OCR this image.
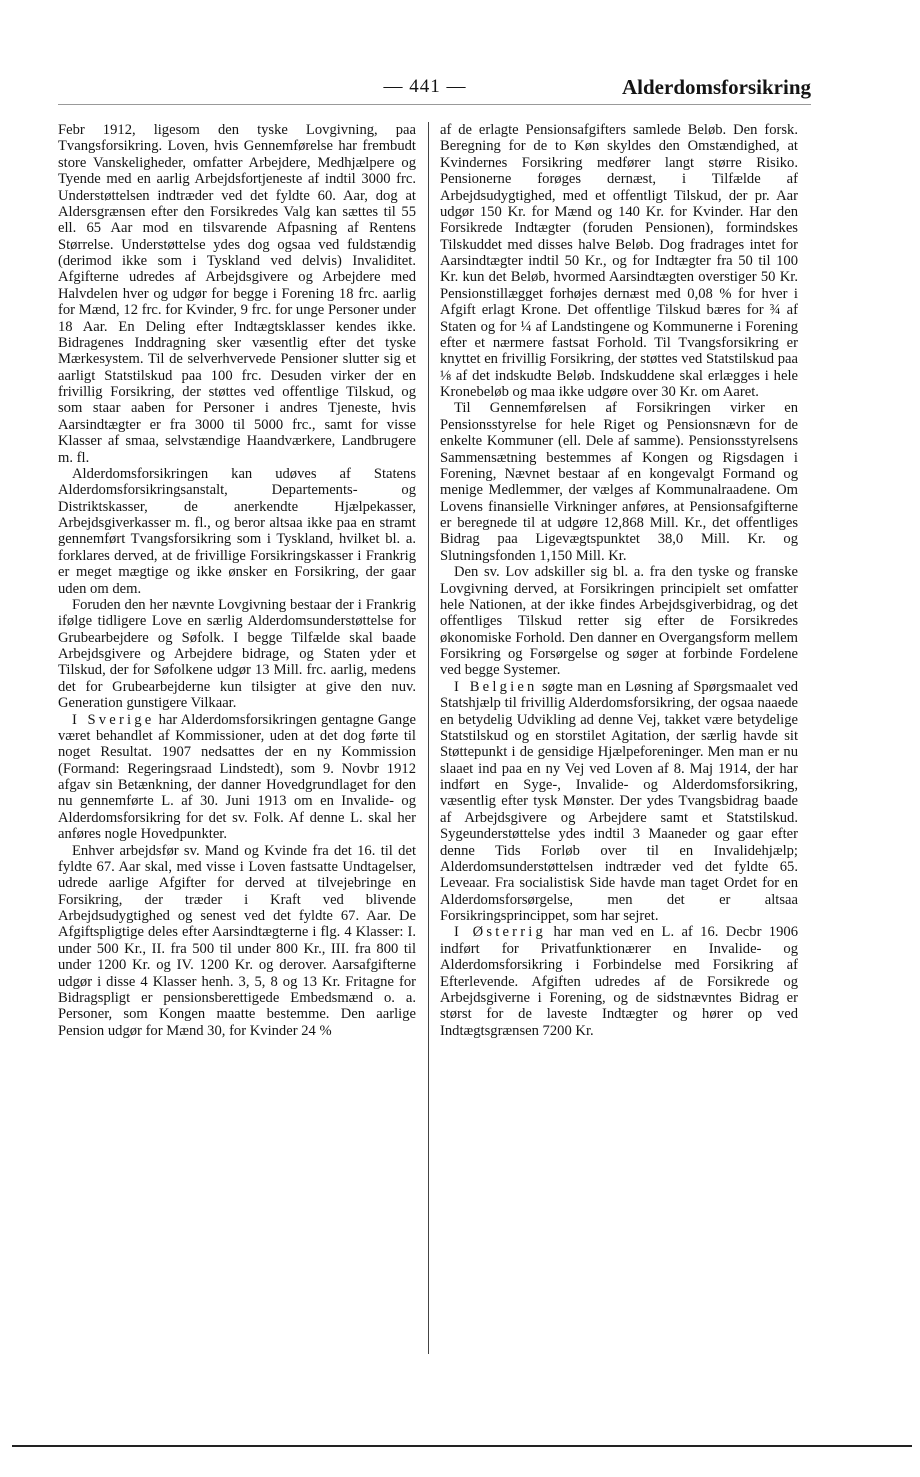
— 441 —	Alderdomsforsikring

Febr 1912, ligesom den tyske Lovgivning, paa Tvangsforsikring. Loven, hvis Gennemførelse har frembudt store Vanskeligheder, omfatter Arbejdere, Medhjælpere og Tyende med en aarlig Arbejdsfortjeneste af indtil 3000 frc. Understøttelsen indtræder ved det fyldte 60. Aar, dog at Aldersgrænsen efter den Forsikredes Valg kan sættes til 55 ell. 65 Aar mod en tilsvarende Afpasning af Rentens Størrelse. Understøttelse ydes dog ogsaa ved fuldstændig (derimod ikke som i Tyskland ved delvis) Invaliditet. Afgifterne udredes af Arbejdsgivere og Arbejdere med Halvdelen hver og udgør for begge i Forening 18 frc. aarlig for Mænd, 12 frc. for Kvinder, 9 frc. for unge Personer under 18 Aar. En Deling efter Indtægtsklasser kendes ikke. Bidragenes Inddragning sker væsentlig efter det tyske Mærkesystem. Til de selverhvervede Pensioner slutter sig et aarligt Statstilskud paa 100 frc. Desuden virker der en frivillig Forsikring, der støttes ved offentlige Tilskud, og som staar aaben for Personer i andres Tjeneste, hvis Aarsindtægter er fra 3000 til 5000 frc., samt for visse Klasser af smaa, selvstændige Haandværkere, Landbrugere m. fl.

Alderdomsforsikringen kan udøves af Statens Alderdomsforsikringsanstalt, Departements- og Distriktskasser, de anerkendte Hjælpekasser, Arbejdsgiverkasser m. fl., og beror altsaa ikke paa en stramt gennemført Tvangsforsikring som i Tyskland, hvilket bl. a. forklares derved, at de frivillige Forsikringskasser i Frankrig er meget mægtige og ikke ønsker en Forsikring, der gaar uden om dem.

Foruden den her nævnte Lovgivning bestaar der i Frankrig ifølge tidligere Love en særlig Alderdomsunderstøttelse for Grubearbejdere og Søfolk. I begge Tilfælde skal baade Arbejdsgivere og Arbejdere bidrage, og Staten yder et Tilskud, der for Søfolkene udgør 13 Mill. frc. aarlig, medens det for Grubearbejderne kun tilsigter at give den nuv. Generation gunstigere Vilkaar.

I Sverige har Alderdomsforsikringen gentagne Gange været behandlet af Kommissioner, uden at det dog førte til noget Resultat. 1907 nedsattes der en ny Kommission (Formand: Regeringsraad Lindstedt), som 9. Novbr 1912 afgav sin Betænkning, der danner Hovedgrundlaget for den nu gennemførte L. af 30. Juni 1913 om en Invalide- og Alderdomsforsikring for det sv. Folk. Af denne L. skal her anføres nogle Hovedpunkter.

Enhver arbejdsfør sv. Mand og Kvinde fra det 16. til det fyldte 67. Aar skal, med visse i Loven fastsatte Undtagelser, udrede aarlige Afgifter for derved at tilvejebringe en Forsikring, der træder i Kraft ved blivende Arbejdsudygtighed og senest ved det fyldte 67. Aar. De Afgiftspligtige deles efter Aarsindtægterne i flg. 4 Klasser: I. under 500 Kr., II. fra 500 til under 800 Kr., III. fra 800 til under 1200 Kr. og IV. 1200 Kr. og derover. Aarsafgifterne udgør i disse 4 Klasser henh. 3, 5, 8 og 13 Kr. Fritagne for Bidragspligt er pensionsberettigede Embedsmænd o. a. Personer, som Kongen maatte bestemme. Den aarlige Pension udgør for Mænd 30, for Kvinder 24 %

af de erlagte Pensionsafgifters samlede Beløb. Den forsk. Beregning for de to Køn skyldes den Omstændighed, at Kvindernes Forsikring medfører langt større Risiko. Pensionerne forøges dernæst, i Tilfælde af Arbejdsudygtighed, med et offentligt Tilskud, der pr. Aar udgør 150 Kr. for Mænd og 140 Kr. for Kvinder. Har den Forsikrede Indtægter (foruden Pensionen), formindskes Tilskuddet med disses halve Beløb. Dog fradrages intet for Aarsindtægter indtil 50 Kr., og for Indtægter fra 50 til 100 Kr. kun det Beløb, hvormed Aarsindtægten overstiger 50 Kr. Pensionstillægget forhøjes dernæst med 0,08 % for hver i Afgift erlagt Krone. Det offentlige Tilskud bæres for ¾ af Staten og for ¼ af Landstingene og Kommunerne i Forening efter et nærmere fastsat Forhold. Til Tvangsforsikring er knyttet en frivillig Forsikring, der støttes ved Statstilskud paa ⅛ af det indskudte Beløb. Indskuddene skal erlægges i hele Kronebeløb og maa ikke udgøre over 30 Kr. om Aaret.

Til Gennemførelsen af Forsikringen virker en Pensionsstyrelse for hele Riget og Pensionsnævn for de enkelte Kommuner (ell. Dele af samme). Pensionsstyrelsens Sammensætning bestemmes af Kongen og Rigsdagen i Forening, Nævnet bestaar af en kongevalgt Formand og menige Medlemmer, der vælges af Kommunalraadene. Om Lovens finansielle Virkninger anføres, at Pensionsafgifterne er beregnede til at udgøre 12,868 Mill. Kr., det offentliges Bidrag paa Ligevægtspunktet 38,0 Mill. Kr. og Slutningsfonden 1,150 Mill. Kr.

Den sv. Lov adskiller sig bl. a. fra den tyske og franske Lovgivning derved, at Forsikringen principielt set omfatter hele Nationen, at der ikke findes Arbejdsgiverbidrag, og det offentliges Tilskud retter sig efter de Forsikredes økonomiske Forhold. Den danner en Overgangsform mellem Forsikring og Forsørgelse og søger at forbinde Fordelene ved begge Systemer.

I Belgien søgte man en Løsning af Spørgsmaalet ved Statshjælp til frivillig Alderdomsforsikring, der ogsaa naaede en betydelig Udvikling ad denne Vej, takket være betydelige Statstilskud og en storstilet Agitation, der særlig havde sit Støttepunkt i de gensidige Hjælpeforeninger. Men man er nu slaaet ind paa en ny Vej ved Loven af 8. Maj 1914, der har indført en Syge-, Invalide- og Alderdomsforsikring, væsentlig efter tysk Mønster. Der ydes Tvangsbidrag baade af Arbejdsgivere og Arbejdere samt et Statstilskud. Sygeunderstøttelse ydes indtil 3 Maaneder og gaar efter denne Tids Forløb over til en Invalidehjælp; Alderdomsunderstøttelsen indtræder ved det fyldte 65. Leveaar. Fra socialistisk Side havde man taget Ordet for en Alderdomsforsørgelse, men det er altsaa Forsikringsprincippet, som har sejret.

I Østerrig har man ved en L. af 16. Decbr 1906 indført for Privatfunktionærer en Invalide- og Alderdomsforsikring i Forbindelse med Forsikring af Efterlevende. Afgiften udredes af de Forsikrede og Arbejdsgiverne i Forening, og de sidstnævntes Bidrag er størst for de laveste Indtægter og hører op ved Indtægtsgrænsen 7200 Kr.
